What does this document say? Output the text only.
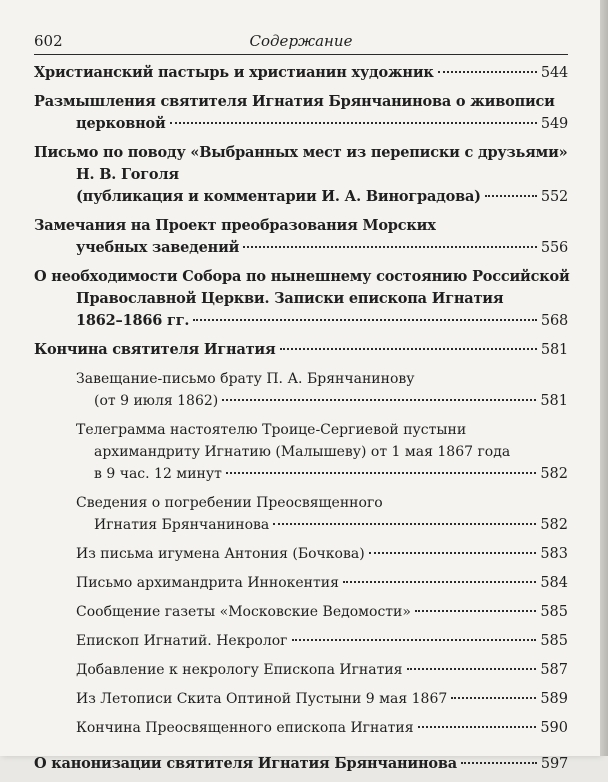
602	Содержание
Христианский пастырь и христианин художник	544
Размышления святителя Игнатия Брянчанинова о живописи
церковной	549
Письмо по поводу «Выбранных мест из переписки с друзьями»
Н. В. Гоголя
(публикация и комментарии И. А. Виноградова)	552
Замечания на Проект преобразования Морских
учебных заведений	556
О необходимости Собора по нынешнему состоянию Российской
Православной Церкви. Записки епископа Игнатия
1862–1866 гг.	568
Кончина святителя Игнатия	581
Завещание-письмо брату П. А. Брянчанинову
(от 9 июля 1862)	581
Телеграмма настоятелю Троице-Сергиевой пустыни
архимандриту Игнатию (Малышеву) от 1 мая 1867 года
в 9 час. 12 минут	582
Сведения о погребении Преосвященного
Игнатия Брянчанинова	582
Из письма игумена Антония (Бочкова)	583
Письмо архимандрита Иннокентия	584
Сообщение газеты «Московские Ведомости»	585
Епископ Игнатий. Некролог	585
Добавление к некрологу Епископа Игнатия	587
Из Летописи Скита Оптиной Пустыни 9 мая 1867	589
Кончина Преосвященного епископа Игнатия	590
О канонизации святителя Игнатия Брянчанинова	597
